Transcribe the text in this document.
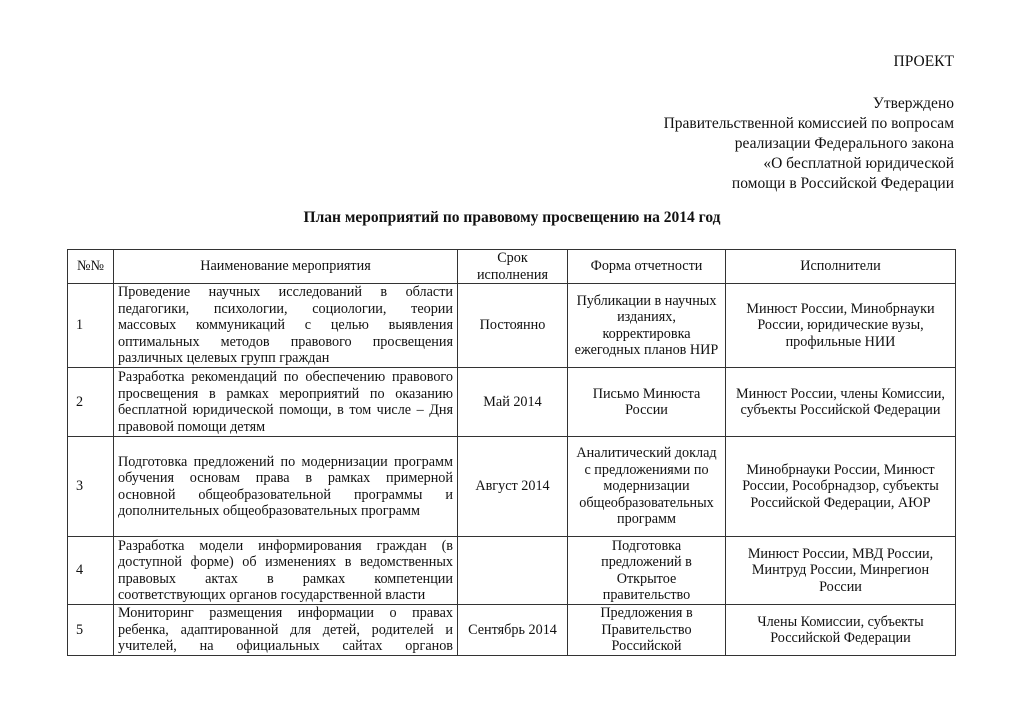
ПРОЕКТ
Утверждено
Правительственной комиссией по вопросам
реализации Федерального закона
«О бесплатной юридической
помощи в Российской Федерации
План мероприятий по правовому просвещению на 2014 год
№№	Наименование мероприятия	Срок исполнения	Форма отчетности	Исполнители
1	Проведение научных исследований в области
педагогики, психологии, социологии, теории
массовых коммуникаций с целью выявления
оптимальных методов правового просвещения
различных целевых групп граждан	Постоянно	Публикации в научных изданиях, корректировка ежегодных планов НИР	Минюст России, Минобрнауки России, юридические вузы, профильные НИИ
2	Разработка рекомендаций по обеспечению правового
просвещения в рамках мероприятий по оказанию
бесплатной юридической помощи, в том числе – Дня
правовой помощи детям	Май 2014	Письмо Минюста России	Минюст России, члены Комиссии, субъекты Российской Федерации
3	Подготовка предложений по модернизации программ
обучения основам права в рамках примерной
основной общеобразовательной программы и
дополнительных общеобразовательных программ	Август 2014	Аналитический доклад с предложениями по модернизации общеобразовательных программ	Минобрнауки России, Минюст России, Рособрнадзор, субъекты Российской Федерации, АЮР
4	Разработка модели информирования граждан (в
доступной форме) об изменениях в ведомственных
правовых актах в рамках компетенции
соответствующих органов государственной власти		Подготовка предложений в Открытое правительство	Минюст России, МВД России, Минтруд России, Минрегион России
5	Мониторинг размещения информации о правах
ребенка, адаптированной для детей, родителей и
учителей, на официальных сайтах органов	Сентябрь 2014	Предложения в Правительство Российской	Члены Комиссии, субъекты Российской Федерации
